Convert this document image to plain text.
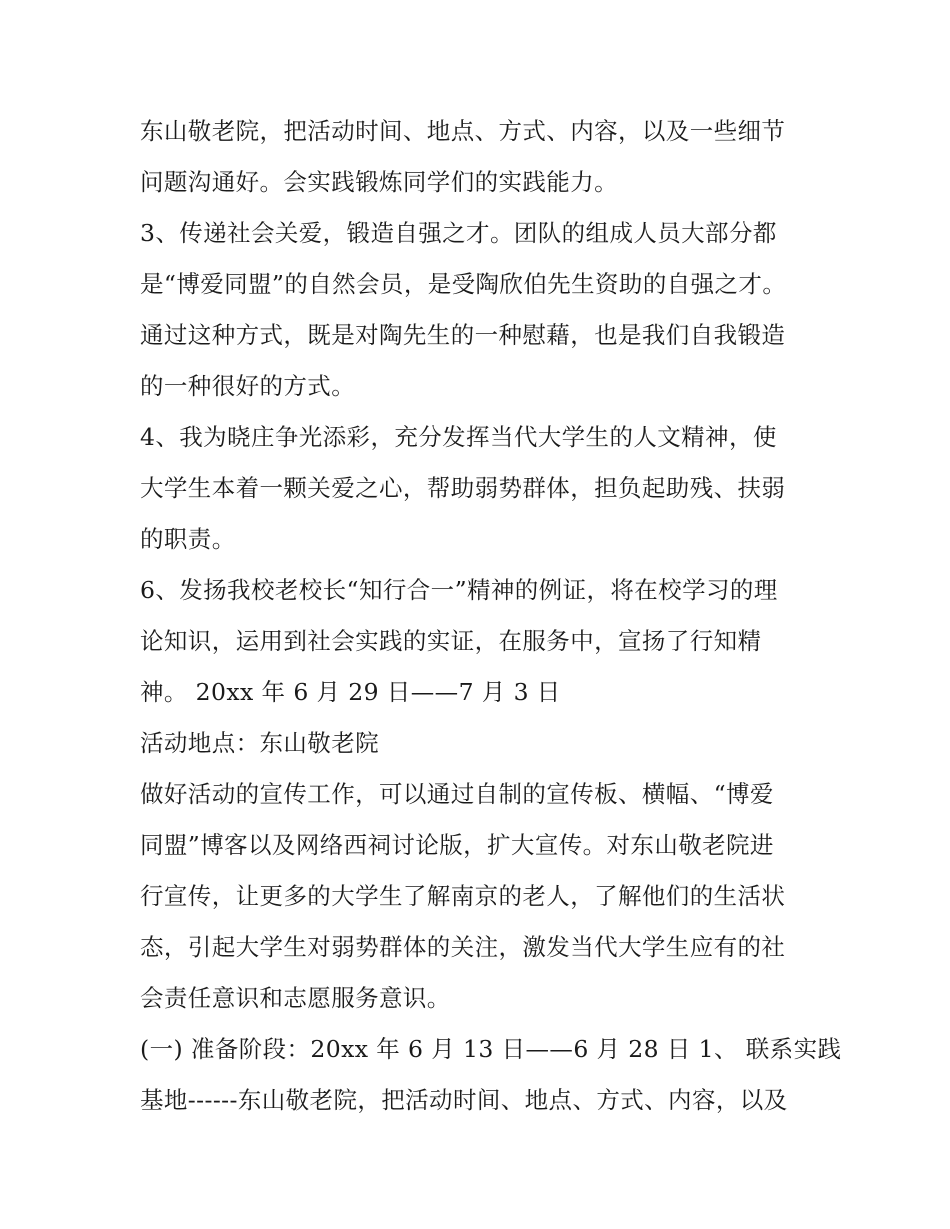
东山敬老院，把活动时间、地点、方式、内容，以及一些细节
问题沟通好。会实践锻炼同学们的实践能力。
3、传递社会关爱，锻造自强之才。团队的组成人员大部分都
是“博爱同盟”的自然会员，是受陶欣伯先生资助的自强之才。
通过这种方式，既是对陶先生的一种慰藉，也是我们自我锻造
的一种很好的方式。
4、我为晓庄争光添彩，充分发挥当代大学生的人文精神，使
大学生本着一颗关爱之心，帮助弱势群体，担负起助残、扶弱
的职责。
6、发扬我校老校长“知行合一”精神的例证，将在校学习的理
论知识，运用到社会实践的实证，在服务中，宣扬了行知精
神。 20xx 年 6 月 29 日——7 月 3 日
活动地点：东山敬老院
做好活动的宣传工作，可以通过自制的宣传板、横幅、“博爱
同盟”博客以及网络西祠讨论版，扩大宣传。对东山敬老院进
行宣传，让更多的大学生了解南京的老人，了解他们的生活状
态，引起大学生对弱势群体的关注，激发当代大学生应有的社
会责任意识和志愿服务意识。
(一) 准备阶段：20xx 年 6 月 13 日——6 月 28 日 1、 联系实践
基地------东山敬老院，把活动时间、地点、方式、内容，以及
